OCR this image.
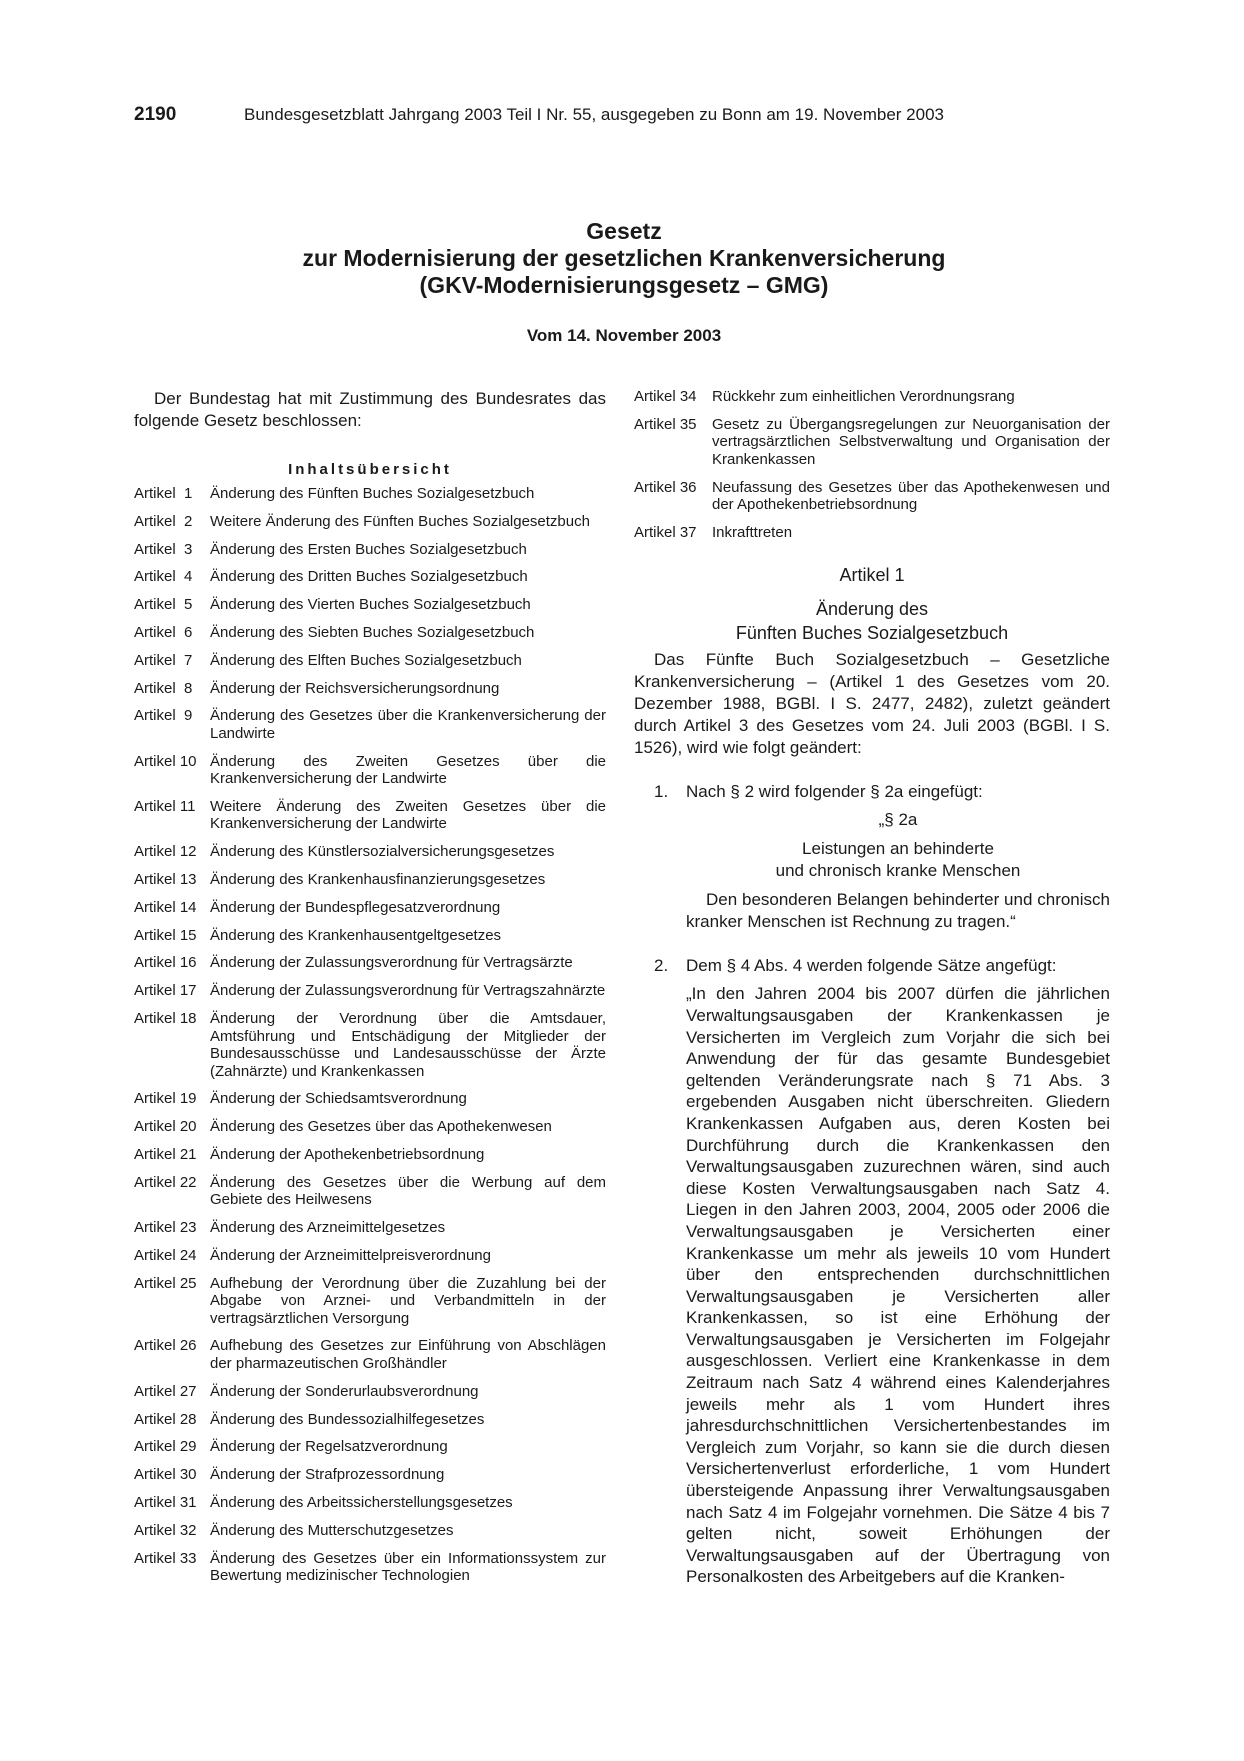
2190	Bundesgesetzblatt Jahrgang 2003 Teil I Nr. 55, ausgegeben zu Bonn am 19. November 2003
Gesetz
zur Modernisierung der gesetzlichen Krankenversicherung
(GKV-Modernisierungsgesetz – GMG)
Vom 14. November 2003

Der Bundestag hat mit Zustimmung des Bundesrates das folgende Gesetz beschlossen:

Inhaltsübersicht
Artikel  1	Änderung des Fünften Buches Sozialgesetzbuch
Artikel  2	Weitere Änderung des Fünften Buches Sozialgesetzbuch
Artikel  3	Änderung des Ersten Buches Sozialgesetzbuch
Artikel  4	Änderung des Dritten Buches Sozialgesetzbuch
Artikel  5	Änderung des Vierten Buches Sozialgesetzbuch
Artikel  6	Änderung des Siebten Buches Sozialgesetzbuch
Artikel  7	Änderung des Elften Buches Sozialgesetzbuch
Artikel  8	Änderung der Reichsversicherungsordnung
Artikel  9	Änderung des Gesetzes über die Krankenversicherung der Landwirte
Artikel 10 Änderung des Zweiten Gesetzes über die Krankenversicherung der Landwirte
Artikel 11 Weitere Änderung des Zweiten Gesetzes über die Krankenversicherung der Landwirte
Artikel 12 Änderung des Künstlersozialversicherungsgesetzes
Artikel 13 Änderung des Krankenhausfinanzierungsgesetzes
Artikel 14 Änderung der Bundespflegesatzverordnung
Artikel 15 Änderung des Krankenhausentgeltgesetzes
Artikel 16 Änderung der Zulassungsverordnung für Vertragsärzte
Artikel 17 Änderung der Zulassungsverordnung für Vertragszahnärzte
Artikel 18 Änderung der Verordnung über die Amtsdauer, Amtsführung und Entschädigung der Mitglieder der Bundesausschüsse und Landesausschüsse der Ärzte (Zahnärzte) und Krankenkassen
Artikel 19 Änderung der Schiedsamtsverordnung
Artikel 20 Änderung des Gesetzes über das Apothekenwesen
Artikel 21 Änderung der Apothekenbetriebsordnung
Artikel 22 Änderung des Gesetzes über die Werbung auf dem Gebiete des Heilwesens
Artikel 23 Änderung des Arzneimittelgesetzes
Artikel 24 Änderung der Arzneimittelpreisverordnung
Artikel 25 Aufhebung der Verordnung über die Zuzahlung bei der Abgabe von Arznei- und Verbandmitteln in der vertragsärztlichen Versorgung
Artikel 26 Aufhebung des Gesetzes zur Einführung von Abschlägen der pharmazeutischen Großhändler
Artikel 27 Änderung der Sonderurlaubsverordnung
Artikel 28 Änderung des Bundessozialhilfegesetzes
Artikel 29 Änderung der Regelsatzverordnung
Artikel 30 Änderung der Strafprozessordnung
Artikel 31 Änderung des Arbeitssicherstellungsgesetzes
Artikel 32 Änderung des Mutterschutzgesetzes
Artikel 33 Änderung des Gesetzes über ein Informationssystem zur Bewertung medizinischer Technologien
Artikel 34	Rückkehr zum einheitlichen Verordnungsrang
Artikel 35	Gesetz zu Übergangsregelungen zur Neuorganisation der vertragsärztlichen Selbstverwaltung und Organisation der Krankenkassen
Artikel 36	Neufassung des Gesetzes über das Apothekenwesen und der Apothekenbetriebsordnung
Artikel 37	Inkrafttreten
Artikel 1
Änderung des
Fünften Buches Sozialgesetzbuch

Das Fünfte Buch Sozialgesetzbuch – Gesetzliche Krankenversicherung – (Artikel 1 des Gesetzes vom 20. Dezember 1988, BGBl. I S. 2477, 2482), zuletzt geändert durch Artikel 3 des Gesetzes vom 24. Juli 2003 (BGBl. I S. 1526), wird wie folgt geändert:

1.	Nach § 2 wird folgender § 2a eingefügt:
„§ 2a
Leistungen an behinderte
und chronisch kranke Menschen

Den besonderen Belangen behinderter und chronisch kranker Menschen ist Rechnung zu tragen.“

2.	Dem § 4 Abs. 4 werden folgende Sätze angefügt:

„In den Jahren 2004 bis 2007 dürfen die jährlichen Verwaltungsausgaben der Krankenkassen je Versicherten im Vergleich zum Vorjahr die sich bei Anwendung der für das gesamte Bundesgebiet geltenden Veränderungsrate nach § 71 Abs. 3 ergebenden Ausgaben nicht überschreiten. Gliedern Krankenkassen Aufgaben aus, deren Kosten bei Durchführung durch die Krankenkassen den Verwaltungsausgaben zuzurechnen wären, sind auch diese Kosten Verwaltungsausgaben nach Satz 4. Liegen in den Jahren 2003, 2004, 2005 oder 2006 die Verwaltungsausgaben je Versicherten einer Krankenkasse um mehr als jeweils 10 vom Hundert über den entsprechenden durchschnittlichen Verwaltungsausgaben je Versicherten aller Krankenkassen, so ist eine Erhöhung der Verwaltungsausgaben je Versicherten im Folgejahr ausgeschlossen. Verliert eine Krankenkasse in dem Zeitraum nach Satz 4 während eines Kalenderjahres jeweils mehr als 1 vom Hundert ihres jahresdurchschnittlichen Versichertenbestandes im Vergleich zum Vorjahr, so kann sie die durch diesen Versichertenverlust erforderliche, 1 vom Hundert übersteigende Anpassung ihrer Verwaltungsausgaben nach Satz 4 im Folgejahr vornehmen. Die Sätze 4 bis 7 gelten nicht, soweit Erhöhungen der Verwaltungsausgaben auf der Übertragung von Personalkosten des Arbeitgebers auf die Kranken-
